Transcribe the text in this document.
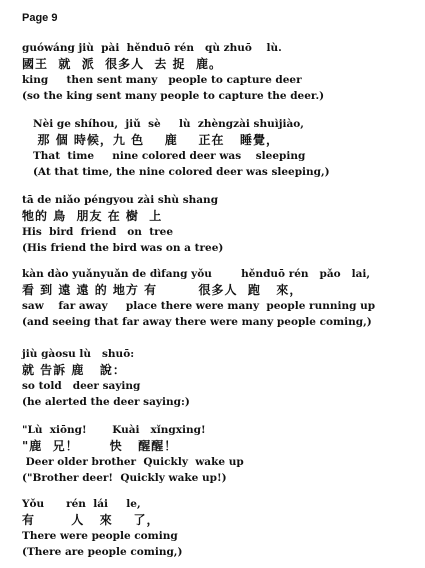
Page 9
guówáng jiù  pài  hěnduō rén   qù zhuō    lù.
國王  就  派  很多人  去 捉  鹿。
king     then sent many   people to capture deer
(so the king sent many people to capture the deer.)
Nèi ge shíhou,  jiǔ  sè     lù  zhèngzài shuìjiào,
那 個 時候，九 色    鹿    正在   睡覺，
That  time     nine colored deer was    sleeping
(At that time, the nine colored deer was sleeping,)
tā de niǎo péngyou zài shù shang
牠的 鳥  朋友 在 樹  上
His  bird  friend   on  tree
(His friend the bird was on a tree)
kàn dào yuǎnyuǎn de dìfang yǒu        hěnduō rén   pǎo   lai,
看 到 遠 遠 的 地方 有        很多人  跑   來，
saw    far away     place there were many  people running up
(and seeing that far away there were many people coming,)
jiù gàosu lù   shuō:
就 告訴 鹿   說：
so told   deer saying
(he alerted the deer saying:)
"Lù  xiōng!       Kuài   xǐngxing!
"鹿  兄！      快   醒醒！
Deer older brother  Quickly  wake up
("Brother deer!  Quickly wake up!)
Yǒu      rén  lái     le,
有       人   來    了，
There were people coming
(There are people coming,)
